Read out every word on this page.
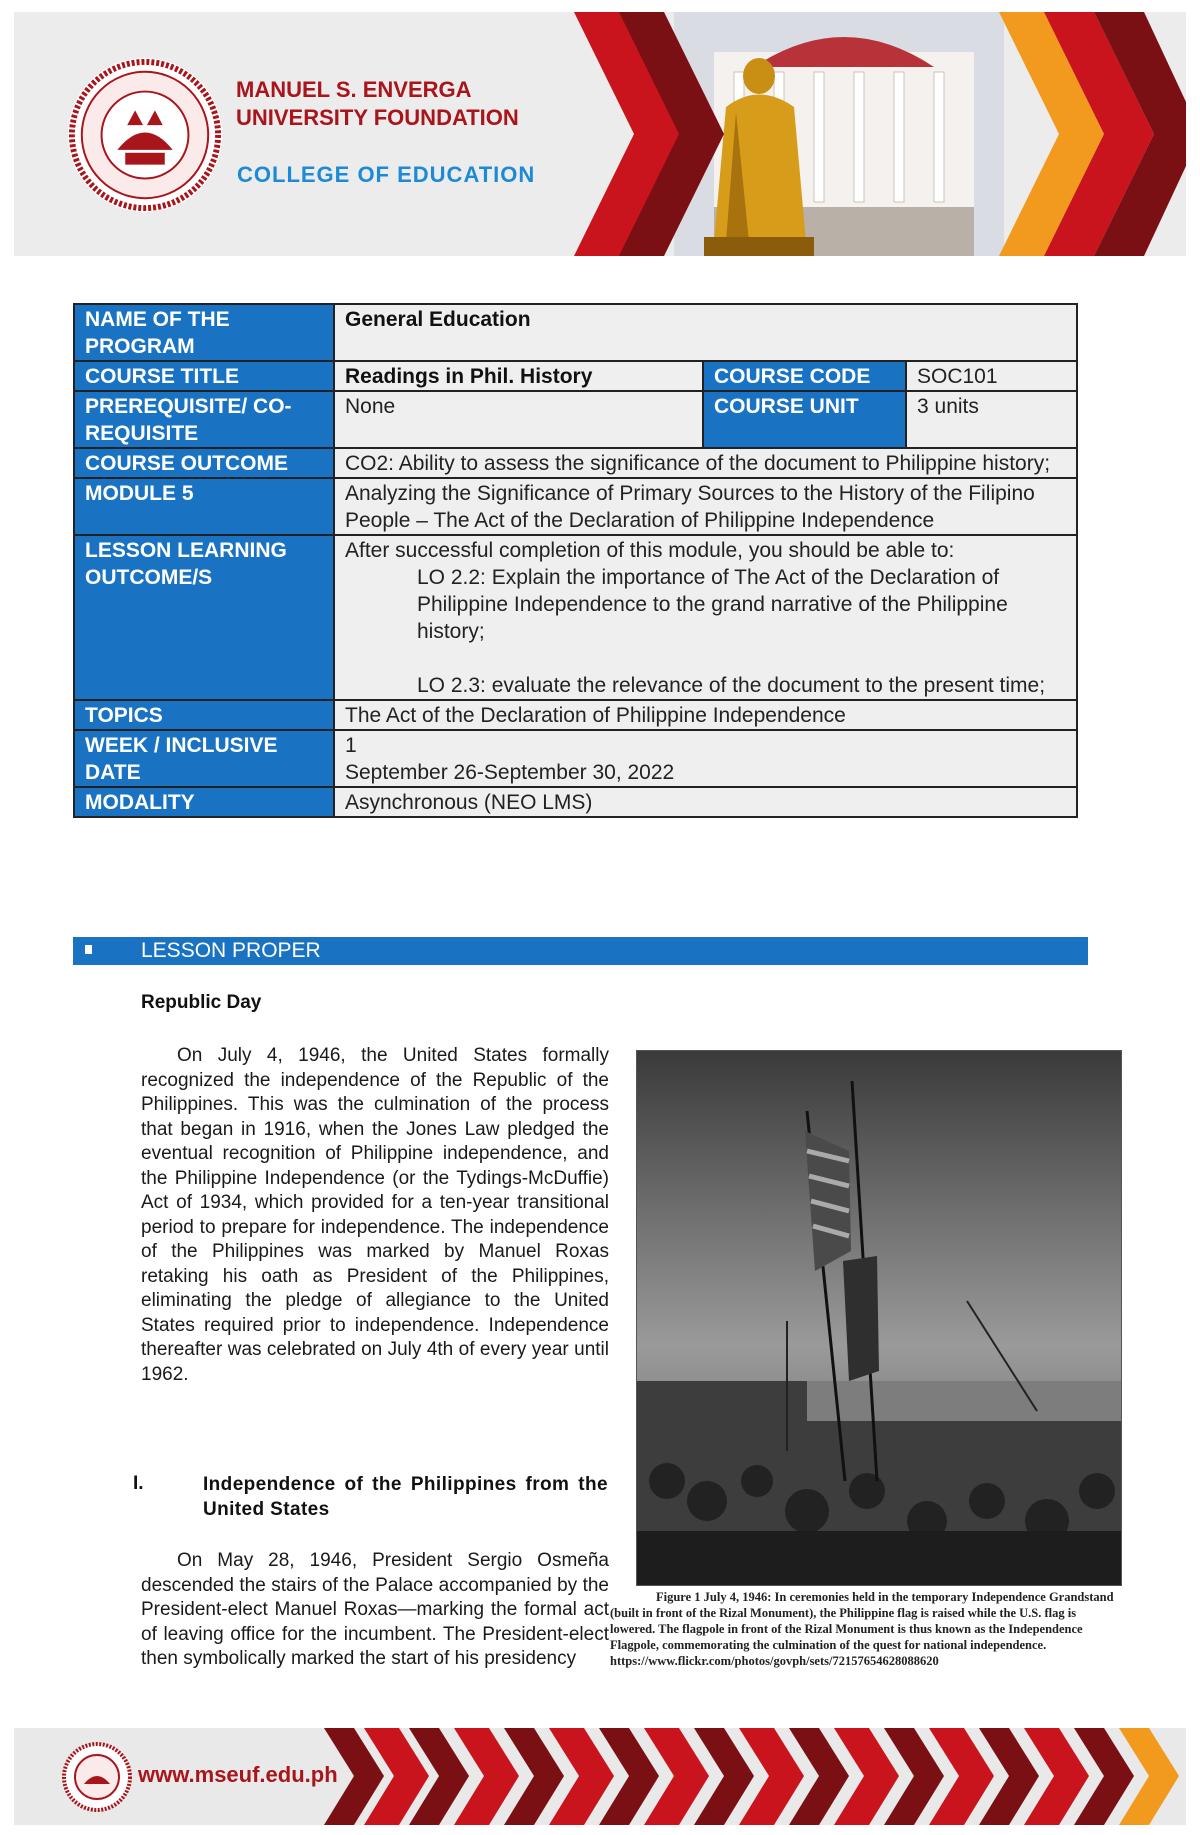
MANUEL S. ENVERGA UNIVERSITY FOUNDATION
COLLEGE OF EDUCATION
NAME OF THE PROGRAM	General Education		
COURSE TITLE	Readings in Phil. History	COURSE CODE	SOC101
PREREQUISITE/ CO-REQUISITE	None	COURSE UNIT	3 units
COURSE OUTCOME	CO2: Ability to assess the significance of the document to Philippine history;		
MODULE 5	Analyzing the Significance of Primary Sources to the History of the Filipino People – The Act of the Declaration of Philippine Independence		
LESSON LEARNING OUTCOME/S	After successful completion of this module, you should be able to:
LO 2.2: Explain the importance of The Act of the Declaration of Philippine Independence to the grand narrative of the Philippine history;
LO 2.3: evaluate the relevance of the document to the present time;		

TOPICS	The Act of the Declaration of Philippine Independence		
WEEK / INCLUSIVE DATE	1
September 26-September 30, 2022		

MODALITY	Asynchronous (NEO LMS)		
LESSON PROPER
Republic Day
On July 4, 1946, the United States formally recognized the independence of the Republic of the Philippines. This was the culmination of the process that began in 1916, when the Jones Law pledged the eventual recognition of Philippine independence, and the Philippine Independence (or the Tydings-McDuffie) Act of 1934, which provided for a ten-year transitional period to prepare for independence. The independence of the Philippines was marked by Manuel Roxas retaking his oath as President of the Philippines, eliminating the pledge of allegiance to the United States required prior to independence. Independence thereafter was celebrated on July 4th of every year until 1962.
I.	Independence of the Philippines from the United States
On May 28, 1946, President Sergio Osmeña descended the stairs of the Palace accompanied by the President-elect Manuel Roxas—marking the formal act of leaving office for the incumbent. The President-elect then symbolically marked the start of his presidency
Figure 1 July 4, 1946: In ceremonies held in the temporary Independence Grandstand (built in front of the Rizal Monument), the Philippine flag is raised while the U.S. flag is lowered. The flagpole in front of the Rizal Monument is thus known as the Independence Flagpole, commemorating the culmination of the quest for national independence. https://www.flickr.com/photos/govph/sets/72157654628088620
www.mseuf.edu.ph
